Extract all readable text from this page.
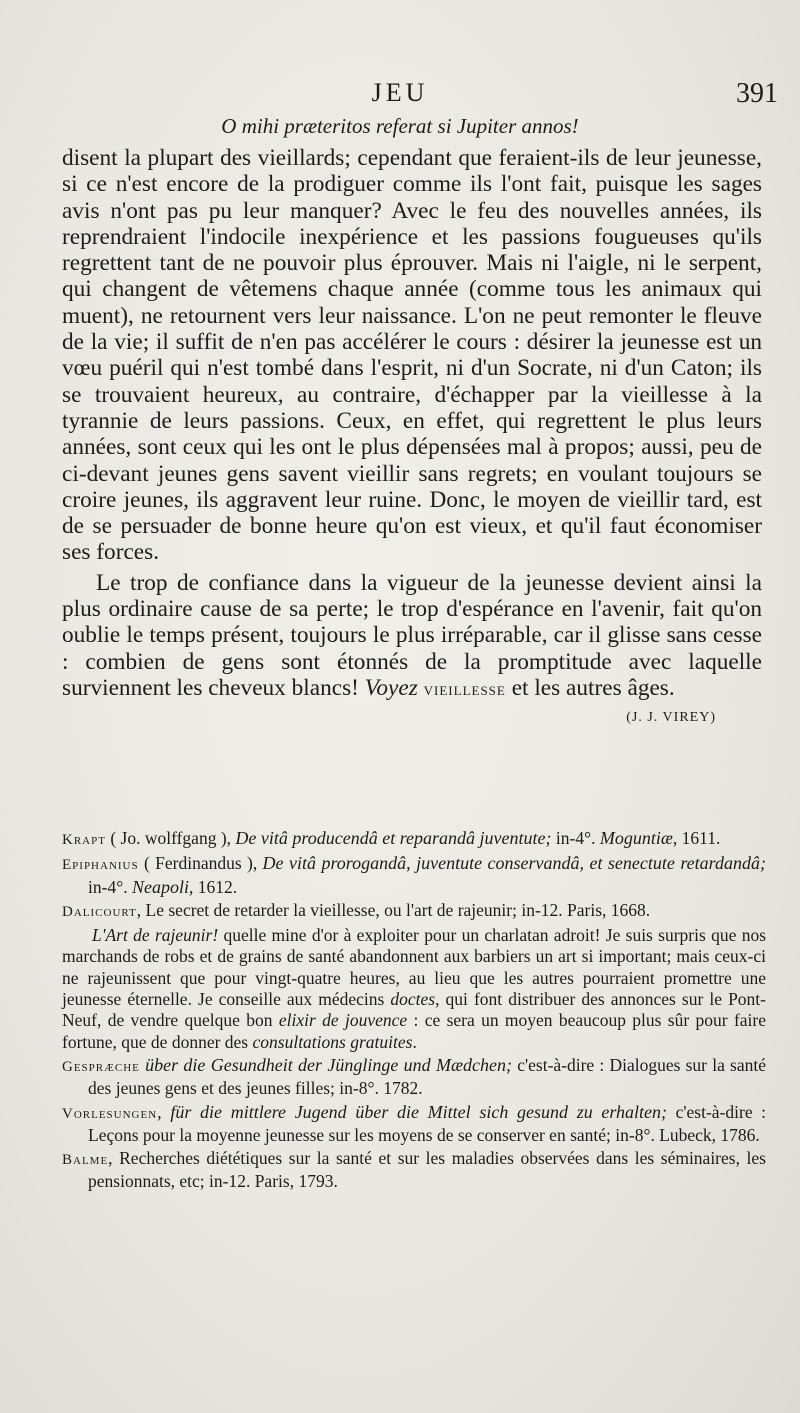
JEU	391
O mihi præteritos referat si Jupiter annos!

disent la plupart des vieillards; cependant que feraient-ils de leur jeunesse, si ce n'est encore de la prodiguer comme ils l'ont fait, puisque les sages avis n'ont pas pu leur manquer? Avec le feu des nouvelles années, ils reprendraient l'indocile inexpérience et les passions fougueuses qu'ils regrettent tant de ne pouvoir plus éprouver. Mais ni l'aigle, ni le serpent, qui changent de vêtemens chaque année (comme tous les animaux qui muent), ne retournent vers leur naissance. L'on ne peut remonter le fleuve de la vie; il suffit de n'en pas accélérer le cours : désirer la jeunesse est un vœu puéril qui n'est tombé dans l'esprit, ni d'un Socrate, ni d'un Caton; ils se trouvaient heureux, au contraire, d'échapper par la vieillesse à la tyrannie de leurs passions. Ceux, en effet, qui regrettent le plus leurs années, sont ceux qui les ont le plus dépensées mal à propos; aussi, peu de ci-devant jeunes gens savent vieillir sans regrets; en voulant toujours se croire jeunes, ils aggravent leur ruine. Donc, le moyen de vieillir tard, est de se persuader de bonne heure qu'on est vieux, et qu'il faut économiser ses forces.

Le trop de confiance dans la vigueur de la jeunesse devient ainsi la plus ordinaire cause de sa perte; le trop d'espérance en l'avenir, fait qu'on oublie le temps présent, toujours le plus irréparable, car il glisse sans cesse : combien de gens sont étonnés de la promptitude avec laquelle surviennent les cheveux blancs! Voyez vieillesse et les autres âges.

(J. J. VIREY)

Krapt ( Jo. wolffgang ), De vitâ producendâ et reparandâ juventute; in-4°. Moguntiæ, 1611.

Epiphanius ( Ferdinandus ), De vitâ prorogandâ, juventute conservandâ, et senectute retardandâ; in-4°. Neapoli, 1612.

Dalicourt, Le secret de retarder la vieillesse, ou l'art de rajeunir; in-12. Paris, 1668.

L'Art de rajeunir! quelle mine d'or à exploiter pour un charlatan adroit! Je suis surpris que nos marchands de robs et de grains de santé abandonnent aux barbiers un art si important; mais ceux-ci ne rajeunissent que pour vingt-quatre heures, au lieu que les autres pourraient promettre une jeunesse éternelle. Je conseille aux médecins doctes, qui font distribuer des annonces sur le Pont-Neuf, de vendre quelque bon elixir de jouvence : ce sera un moyen beaucoup plus sûr pour faire fortune, que de donner des consultations gratuites.

Gespræche über die Gesundheit der Jünglinge und Mædchen; c'est-à-dire : Dialogues sur la santé des jeunes gens et des jeunes filles; in-8°. 1782.

Vorlesungen, für die mittlere Jugend über die Mittel sich gesund zu erhalten; c'est-à-dire : Leçons pour la moyenne jeunesse sur les moyens de se conserver en santé; in-8°. Lubeck, 1786.

Balme, Recherches diététiques sur la santé et sur les maladies observées dans les séminaires, les pensionnats, etc; in-12. Paris, 1793.
